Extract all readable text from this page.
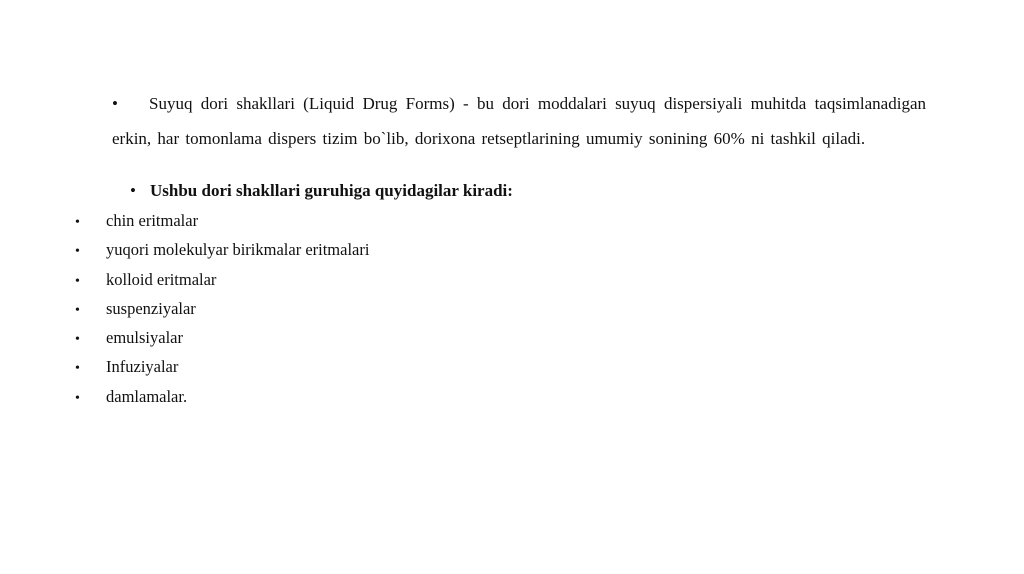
• Suyuq dori shakllari (Liquid Drug Forms) - bu dori moddalari suyuq dispersiyali muhitda taqsimlanadigan erkin, har tomonlama dispers tizim bo`lib, dorixona retseptlarining umumiy sonining 60% ni tashkil qiladi.

• Ushbu dori shakllari guruhiga quyidagilar kiradi:
• chin eritmalar
• yuqori molekulyar birikmalar eritmalari
• kolloid eritmalar
• suspenziyalar
• emulsiyalar
• Infuziyalar
• damlamalar.
